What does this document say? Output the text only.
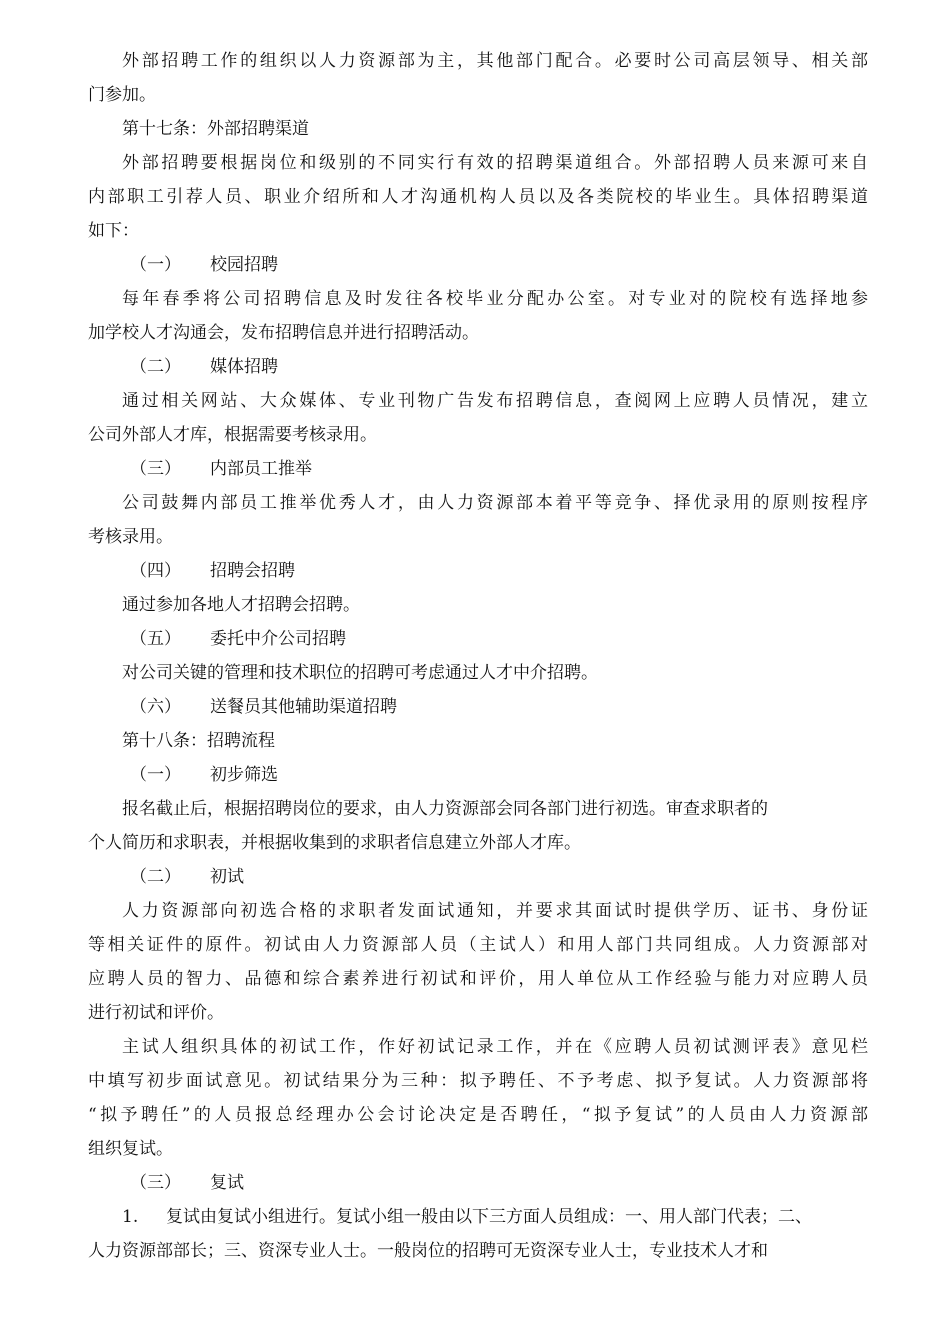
外部招聘工作的组织以人力资源部为主，其他部门配合。必要时公司高层领导、相关部

门参加。

第十七条：外部招聘渠道

外部招聘要根据岗位和级别的不同实行有效的招聘渠道组合。外部招聘人员来源可来自

内部职工引荐人员、职业介绍所和人才沟通机构人员以及各类院校的毕业生。具体招聘渠道

如下：

（一）	校园招聘

每年春季将公司招聘信息及时发往各校毕业分配办公室。对专业对的院校有选择地参

加学校人才沟通会，发布招聘信息并进行招聘活动。

（二）	媒体招聘

通过相关网站、大众媒体、专业刊物广告发布招聘信息，查阅网上应聘人员情况，建立

公司外部人才库，根据需要考核录用。

（三）	内部员工推举

公司鼓舞内部员工推举优秀人才，由人力资源部本着平等竞争、择优录用的原则按程序

考核录用。

（四）	招聘会招聘

通过参加各地人才招聘会招聘。

（五）	委托中介公司招聘

对公司关键的管理和技术职位的招聘可考虑通过人才中介招聘。

（六）	送餐员其他辅助渠道招聘

第十八条：招聘流程

（一）	初步筛选

报名截止后，根据招聘岗位的要求，由人力资源部会同各部门进行初选。审查求职者的

个人简历和求职表，并根据收集到的求职者信息建立外部人才库。

（二）	初试

人力资源部向初选合格的求职者发面试通知，并要求其面试时提供学历、证书、身份证

等相关证件的原件。初试由人力资源部人员（主试人）和用人部门共同组成。人力资源部对

应聘人员的智力、品德和综合素养进行初试和评价，用人单位从工作经验与能力对应聘人员

进行初试和评价。

主试人组织具体的初试工作，作好初试记录工作，并在《应聘人员初试测评表》意见栏

中填写初步面试意见。初试结果分为三种：拟予聘任、不予考虑、拟予复试。人力资源部将

“拟予聘任”的人员报总经理办公会讨论决定是否聘任，“拟予复试”的人员由人力资源部

组织复试。

（三）	复试

1. 复试由复试小组进行。复试小组一般由以下三方面人员组成：一、用人部门代表；二、

人力资源部部长；三、资深专业人士。一般岗位的招聘可无资深专业人士，专业技术人才和
